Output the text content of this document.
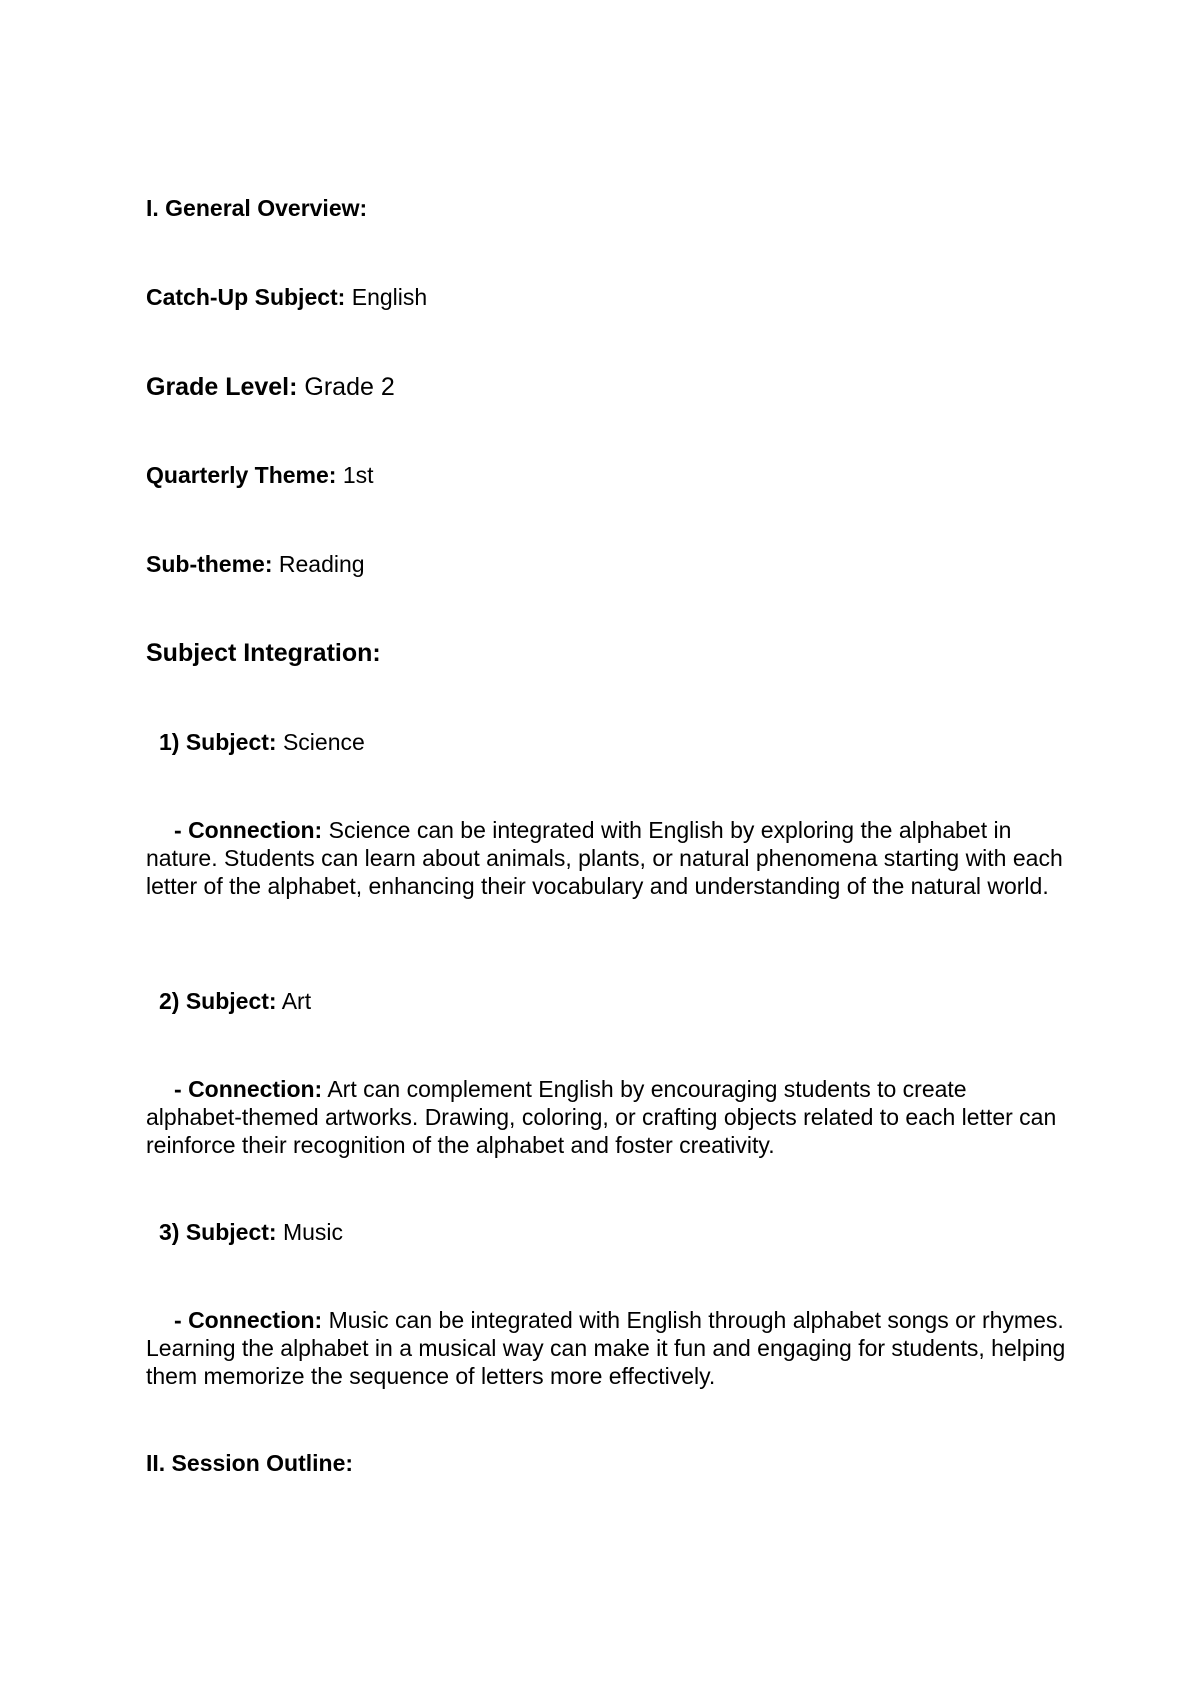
I. General Overview:
Catch-Up Subject: English
Grade Level: Grade 2
Quarterly Theme: 1st
Sub-theme: Reading
Subject Integration:
1) Subject: Science
- Connection: Science can be integrated with English by exploring the alphabet in nature. Students can learn about animals, plants, or natural phenomena starting with each letter of the alphabet, enhancing their vocabulary and understanding of the natural world.
2) Subject: Art
- Connection: Art can complement English by encouraging students to create alphabet-themed artworks. Drawing, coloring, or crafting objects related to each letter can reinforce their recognition of the alphabet and foster creativity.
3) Subject: Music
- Connection: Music can be integrated with English through alphabet songs or rhymes. Learning the alphabet in a musical way can make it fun and engaging for students, helping them memorize the sequence of letters more effectively.
II. Session Outline:
